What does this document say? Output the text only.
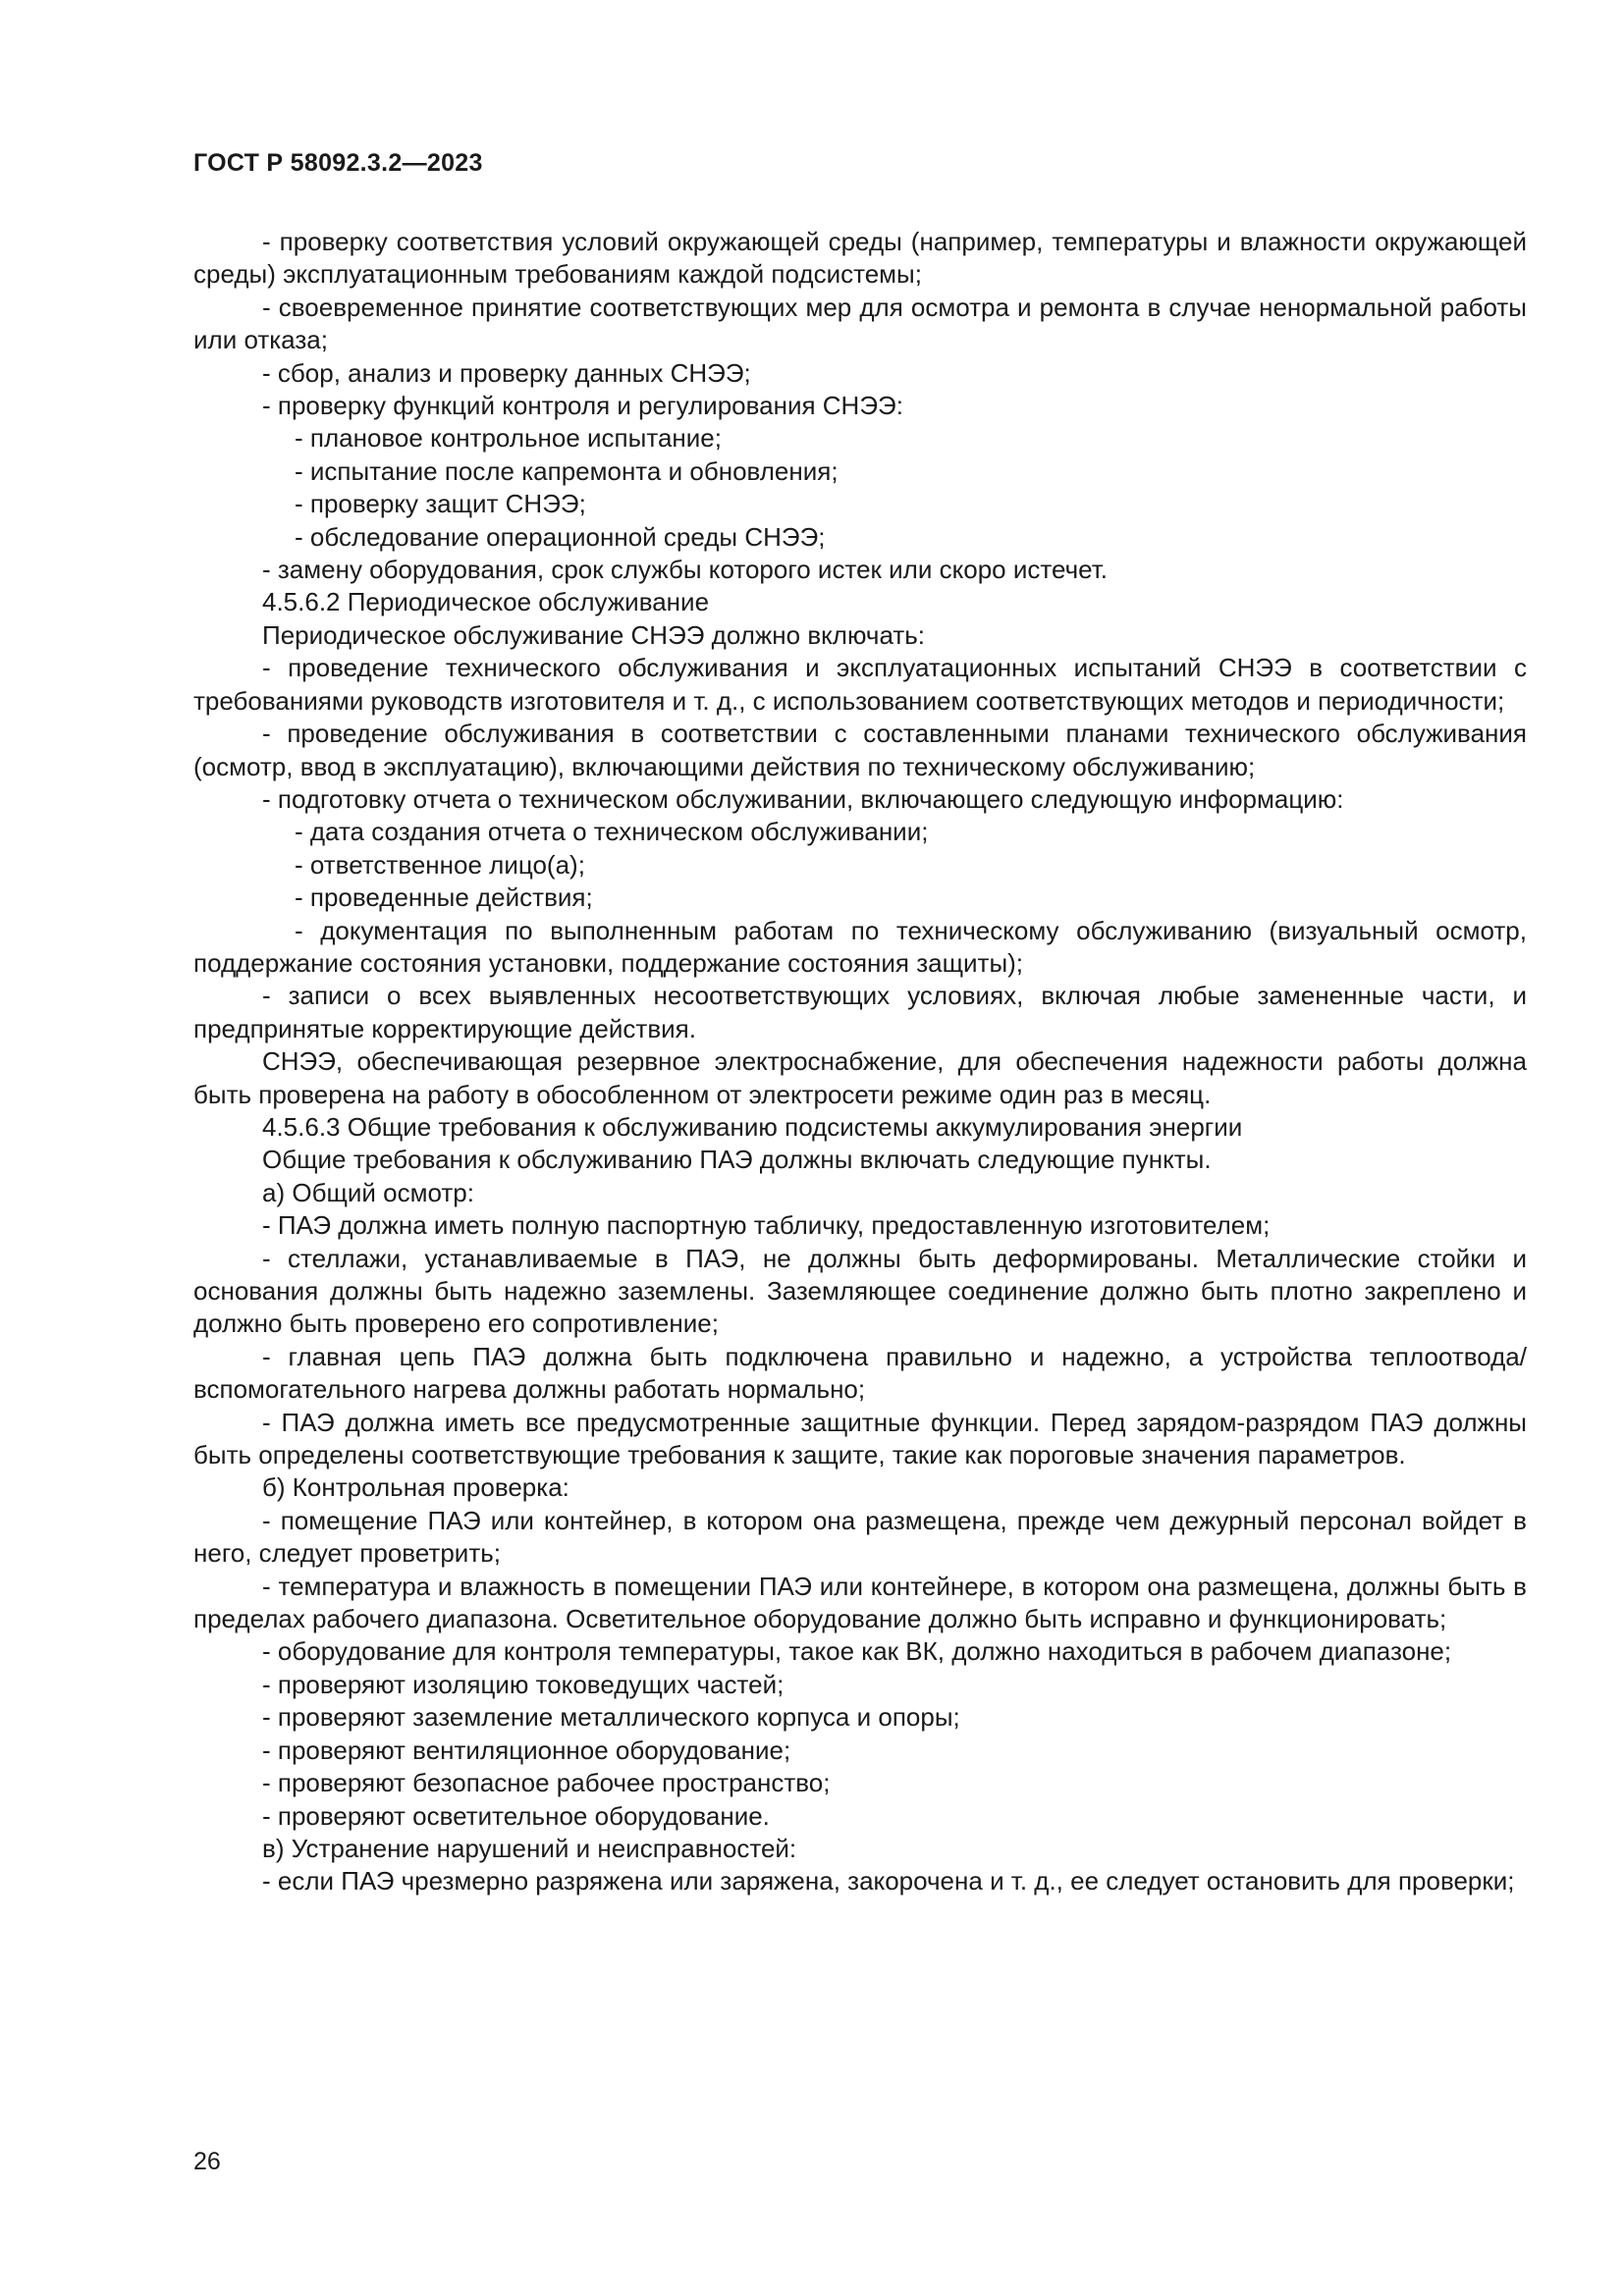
ГОСТ Р 58092.3.2—2023

- проверку соответствия условий окружающей среды (например, температуры и влажности окружающей среды) эксплуатационным требованиям каждой подсистемы;

- своевременное принятие соответствующих мер для осмотра и ремонта в случае ненормальной работы или отказа;

- сбор, анализ и проверку данных СНЭЭ;

- проверку функций контроля и регулирования СНЭЭ:

- плановое контрольное испытание;

- испытание после капремонта и обновления;

- проверку защит СНЭЭ;

- обследование операционной среды СНЭЭ;

- замену оборудования, срок службы которого истек или скоро истечет.

4.5.6.2 Периодическое обслуживание

Периодическое обслуживание СНЭЭ должно включать:

- проведение технического обслуживания и эксплуатационных испытаний СНЭЭ в соответствии с требованиями руководств изготовителя и т. д., с использованием соответствующих методов и периодичности;

- проведение обслуживания в соответствии с составленными планами технического обслуживания (осмотр, ввод в эксплуатацию), включающими действия по техническому обслуживанию;

- подготовку отчета о техническом обслуживании, включающего следующую информацию:

- дата создания отчета о техническом обслуживании;

- ответственное лицо(а);

- проведенные действия;

- документация по выполненным работам по техническому обслуживанию (визуальный осмотр, поддержание состояния установки, поддержание состояния защиты);

- записи о всех выявленных несоответствующих условиях, включая любые замененные части, и предпринятые корректирующие действия.

СНЭЭ, обеспечивающая резервное электроснабжение, для обеспечения надежности работы должна быть проверена на работу в обособленном от электросети режиме один раз в месяц.

4.5.6.3 Общие требования к обслуживанию подсистемы аккумулирования энергии

Общие требования к обслуживанию ПАЭ должны включать следующие пункты.

а) Общий осмотр:

- ПАЭ должна иметь полную паспортную табличку, предоставленную изготовителем;

- стеллажи, устанавливаемые в ПАЭ, не должны быть деформированы. Металлические стойки и основания должны быть надежно заземлены. Заземляющее соединение должно быть плотно закреплено и должно быть проверено его сопротивление;

- главная цепь ПАЭ должна быть подключена правильно и надежно, а устройства теплоотвода/вспомогательного нагрева должны работать нормально;

- ПАЭ должна иметь все предусмотренные защитные функции. Перед зарядом-разрядом ПАЭ должны быть определены соответствующие требования к защите, такие как пороговые значения параметров.

б) Контрольная проверка:

- помещение ПАЭ или контейнер, в котором она размещена, прежде чем дежурный персонал войдет в него, следует проветрить;

- температура и влажность в помещении ПАЭ или контейнере, в котором она размещена, должны быть в пределах рабочего диапазона. Осветительное оборудование должно быть исправно и функционировать;

- оборудование для контроля температуры, такое как ВК, должно находиться в рабочем диапазоне;

- проверяют изоляцию токоведущих частей;

- проверяют заземление металлического корпуса и опоры;

- проверяют вентиляционное оборудование;

- проверяют безопасное рабочее пространство;

- проверяют осветительное оборудование.

в) Устранение нарушений и неисправностей:

- если ПАЭ чрезмерно разряжена или заряжена, закорочена и т. д., ее следует остановить для проверки;

26
